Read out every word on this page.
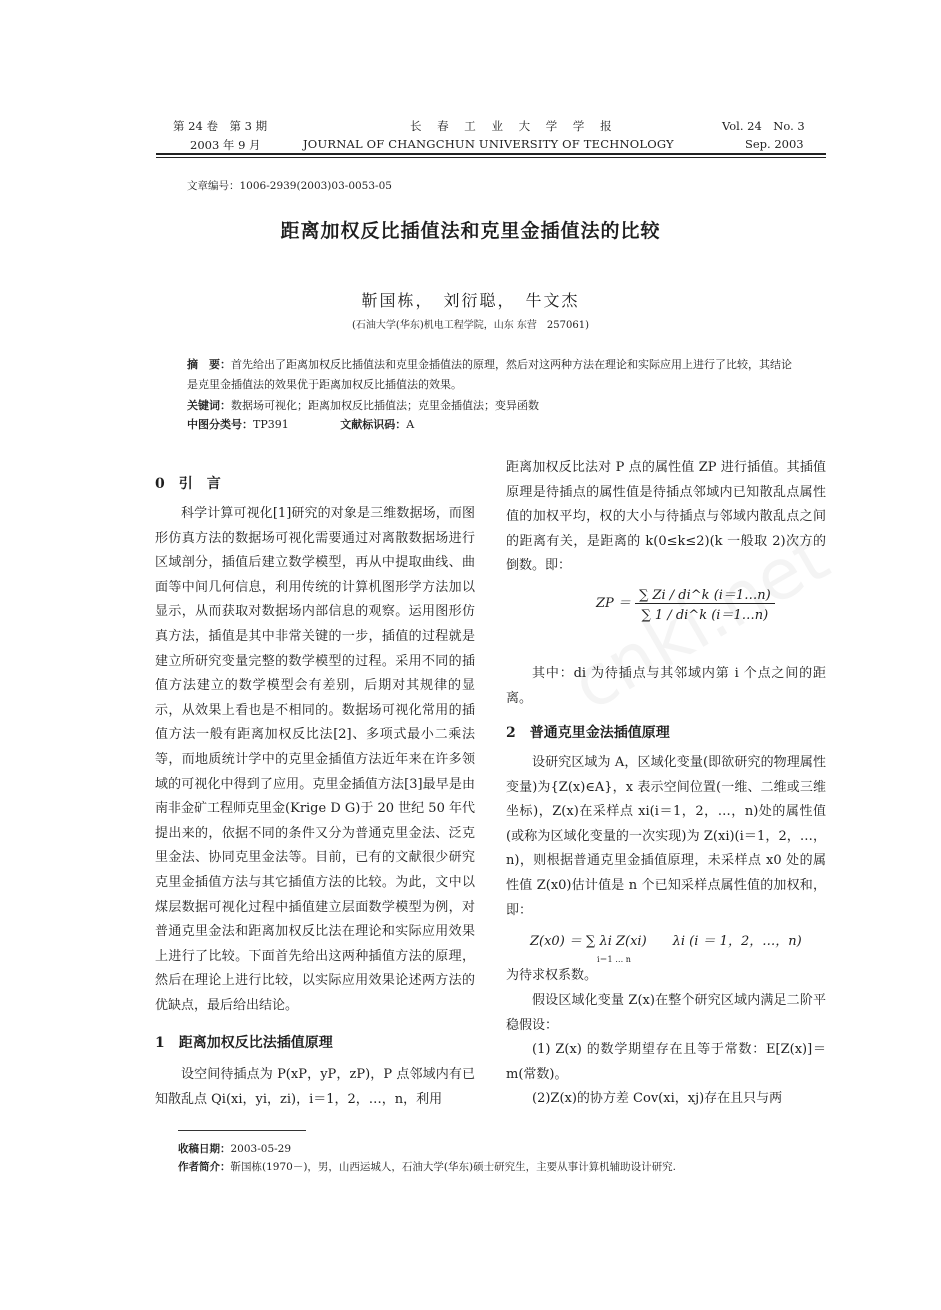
第 24 卷　第 3 期
2003 年 9 月
长 春 工 业 大 学 学 报
JOURNAL OF CHANGCHUN UNIVERSITY OF TECHNOLOGY
Vol. 24　No. 3
Sep. 2003
文章编号：1006-2939(2003)03-0053-05
距离加权反比插值法和克里金插值法的比较
靳国栋，　刘衍聪，　牛文杰
(石油大学(华东)机电工程学院，山东 东营　257061)
摘　要：首先给出了距离加权反比插值法和克里金插值法的原理，然后对这两种方法在理论和实际应用上进行了比较，其结论是克里金插值法的效果优于距离加权反比插值法的效果。
关键词：数据场可视化；距离加权反比插值法；克里金插值法；变异函数
中图分类号：TP391	文献标识码：A
0　引　言
科学计算可视化[1]研究的对象是三维数据场，而图形仿真方法的数据场可视化需要通过对离散数据场进行区域剖分，插值后建立数学模型，再从中提取曲线、曲面等中间几何信息，利用传统的计算机图形学方法加以显示，从而获取对数据场内部信息的观察。运用图形仿真方法，插值是其中非常关键的一步，插值的过程就是建立所研究变量完整的数学模型的过程。采用不同的插值方法建立的数学模型会有差别，后期对其规律的显示，从效果上看也是不相同的。数据场可视化常用的插值方法一般有距离加权反比法[2]、多项式最小二乘法等，而地质统计学中的克里金插值方法近年来在许多领域的可视化中得到了应用。克里金插值方法[3]最早是由南非金矿工程师克里金(Krige D G)于 20 世纪 50 年代提出来的，依据不同的条件又分为普通克里金法、泛克里金法、协同克里金法等。目前，已有的文献很少研究克里金插值方法与其它插值方法的比较。为此，文中以煤层数据可视化过程中插值建立层面数学模型为例，对普通克里金法和距离加权反比法在理论和实际应用效果上进行了比较。下面首先给出这两种插值方法的原理，然后在理论上进行比较，以实际应用效果论述两方法的优缺点，最后给出结论。
1　距离加权反比法插值原理
设空间待插点为 P(xP，yP，zP)，P 点邻域内有已知散乱点 Qi(xi，yi，zi)，i＝1，2，…，n，利用
距离加权反比法对 P 点的属性值 ZP 进行插值。其插值原理是待插点的属性值是待插点邻域内已知散乱点属性值的加权平均，权的大小与待插点与邻域内散乱点之间的距离有关，是距离的 k(0≤k≤2)(k 一般取 2)次方的倒数。即：
ZP ＝ $\frac{\sum Zi / di\^{}k (i=1\dots n)}{\sum 1 / di\^{}k (i=1\dots n)}$
其中：di 为待插点与其邻域内第 i 个点之间的距离。
2　普通克里金法插值原理
设研究区域为 A，区域化变量(即欲研究的物理属性变量)为{Z(x)∈A}，x 表示空间位置(一维、二维或三维坐标)，Z(x)在采样点 xi(i＝1，2，…，n)处的属性值(或称为区域化变量的一次实现)为 Z(xi)(i＝1，2，…，n)，则根据普通克里金插值原理，未采样点 x0 处的属性值 Z(x0)估计值是 n 个已知采样点属性值的加权和，即：
Z(x0) ＝ ∑ λi Z(xi)　　λi (i ＝ 1，2，…，n)
i＝1 … n
为待求权系数。
假设区域化变量 Z(x)在整个研究区域内满足二阶平稳假设：
(1) Z(x) 的数学期望存在且等于常数：E[Z(x)]＝m(常数)。
(2)Z(x)的协方差 Cov(xi，xj)存在且只与两
收稿日期：2003-05-29
作者简介：靳国栋(1970－)，男，山西运城人，石油大学(华东)硕士研究生，主要从事计算机辅助设计研究.
